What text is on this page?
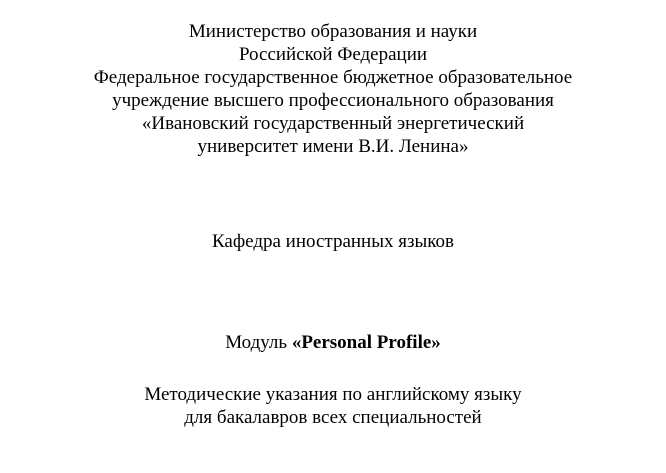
Министерство образования и науки
Российской Федерации
Федеральное государственное бюджетное образовательное
учреждение высшего профессионального образования
«Ивановский государственный энергетический
университет имени В.И. Ленина»
Кафедра иностранных языков
Модуль «Personal Profile»
Методические указания по английскому языку
для бакалавров всех специальностей
